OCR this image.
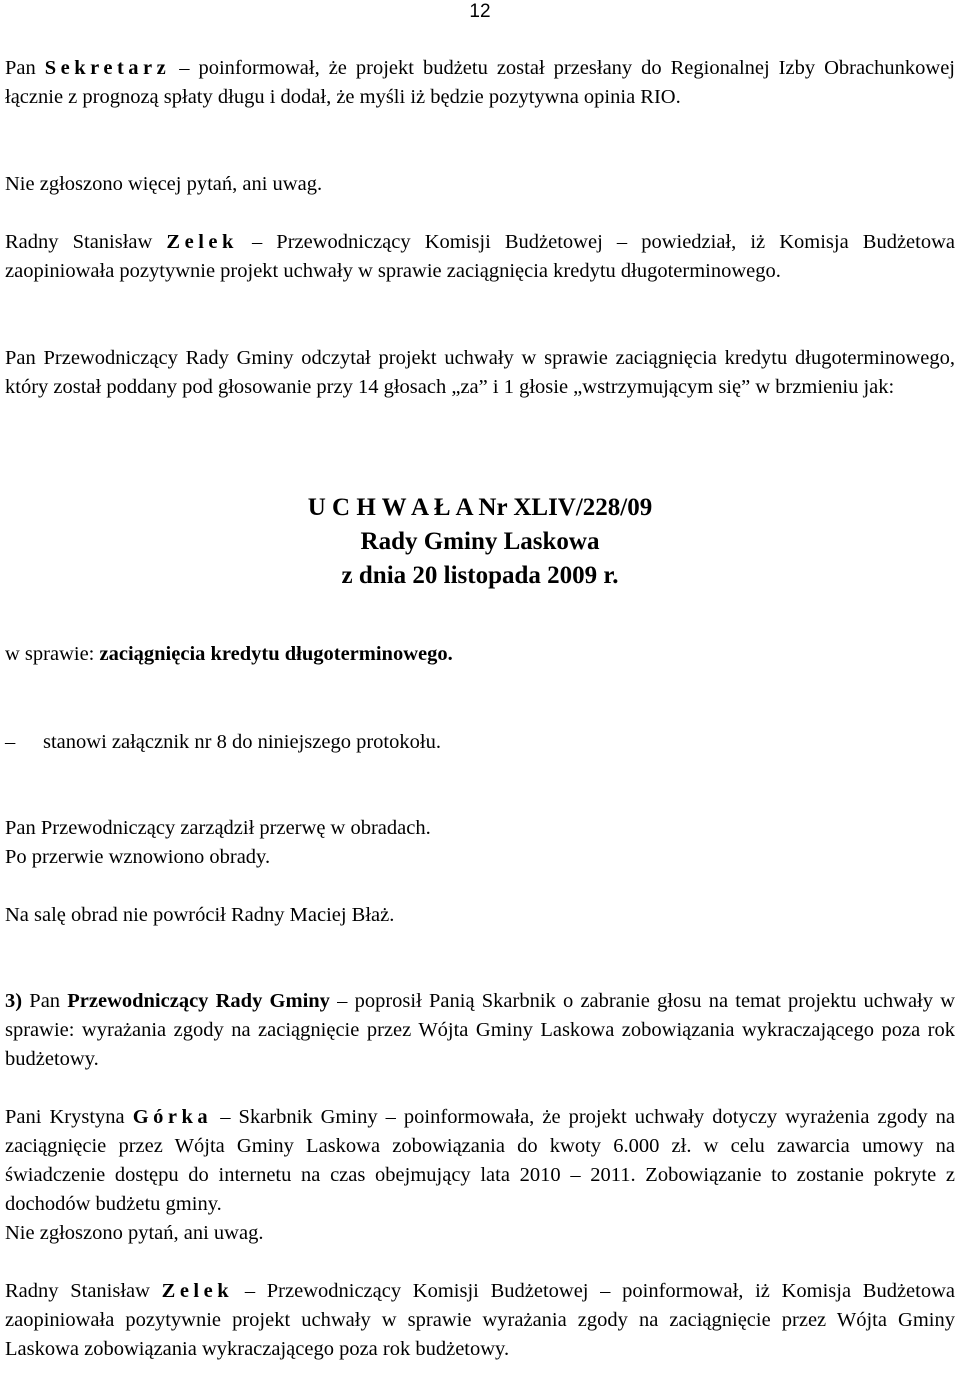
12

Pan Sekretarz – poinformował, że projekt budżetu został przesłany do Regionalnej Izby Obrachunkowej łącznie z prognozą spłaty długu i dodał, że myśli iż będzie pozytywna opinia RIO.

Nie zgłoszono więcej pytań, ani uwag.

Radny Stanisław Zelek – Przewodniczący Komisji Budżetowej – powiedział, iż Komisja Budżetowa zaopiniowała pozytywnie projekt uchwały w sprawie zaciągnięcia kredytu długoterminowego.

Pan Przewodniczący Rady Gminy odczytał projekt uchwały w sprawie zaciągnięcia kredytu długoterminowego, który został poddany pod głosowanie przy 14 głosach „za” i 1 głosie „wstrzymującym się” w brzmieniu jak:

U C H W A Ł A Nr XLIV/228/09

Rady Gminy Laskowa

z dnia 20 listopada 2009 r.

w sprawie: zaciągnięcia kredytu długoterminowego.

– stanowi załącznik nr 8 do niniejszego protokołu.

Pan Przewodniczący zarządził przerwę w obradach.

Po przerwie wznowiono obrady.

Na salę obrad nie powrócił Radny Maciej Błaż.

3) Pan Przewodniczący Rady Gminy – poprosił Panią Skarbnik o zabranie głosu na temat projektu uchwały w sprawie: wyrażania zgody na zaciągnięcie przez Wójta Gminy Laskowa zobowiązania wykraczającego poza rok budżetowy.

Pani Krystyna Górka – Skarbnik Gminy – poinformowała, że projekt uchwały dotyczy wyrażenia zgody na zaciągnięcie przez Wójta Gminy Laskowa zobowiązania do kwoty 6.000 zł. w celu zawarcia umowy na świadczenie dostępu do internetu na czas obejmujący lata 2010 – 2011. Zobowiązanie to zostanie pokryte z dochodów budżetu gminy.

Nie zgłoszono pytań, ani uwag.

Radny Stanisław Zelek – Przewodniczący Komisji Budżetowej – poinformował, iż Komisja Budżetowa zaopiniowała pozytywnie projekt uchwały w sprawie wyrażania zgody na zaciągnięcie przez Wójta Gminy Laskowa zobowiązania wykraczającego poza rok budżetowy.
